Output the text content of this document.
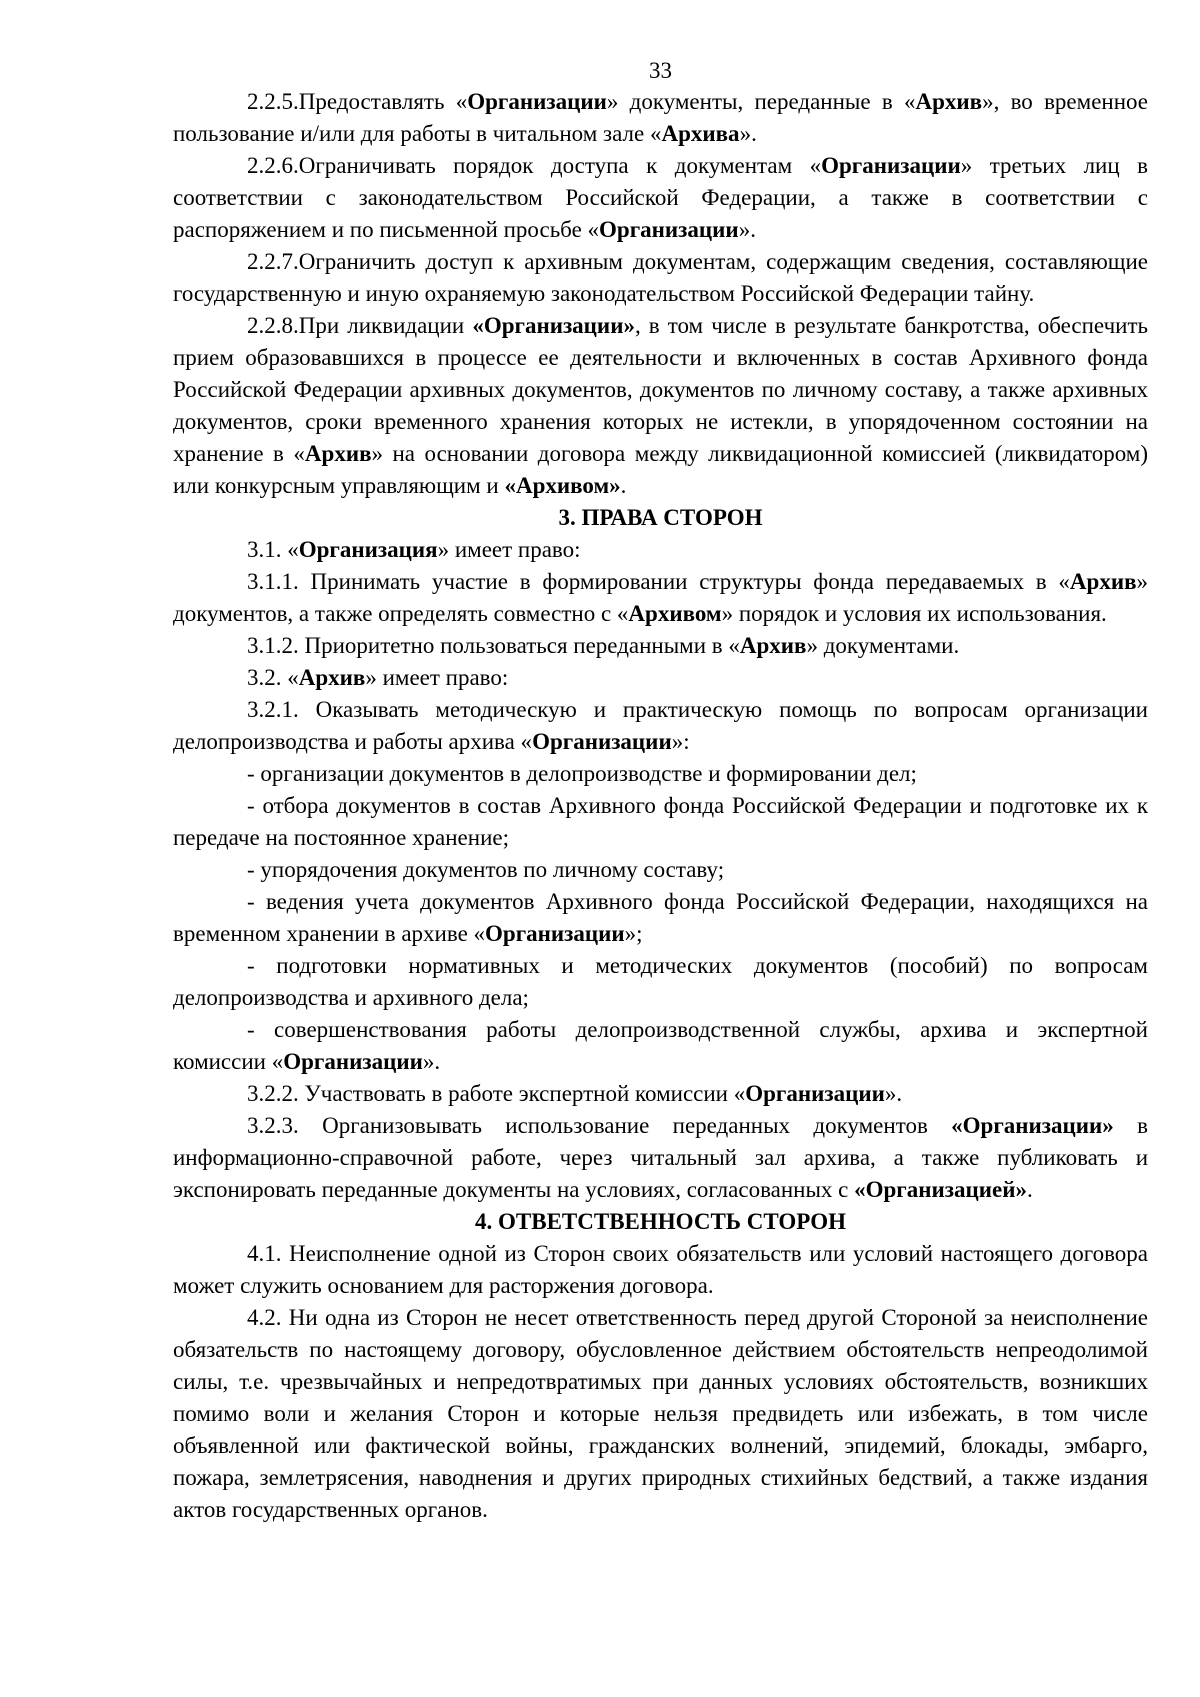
33

2.2.5.Предоставлять «Организации» документы, переданные в «Архив», во временное пользование и/или для работы в читальном зале «Архива».

2.2.6.Ограничивать порядок доступа к документам «Организации» третьих лиц в соответствии с законодательством Российской Федерации, а также в соответствии с распоряжением и по письменной просьбе «Организации».

2.2.7.Ограничить доступ к архивным документам, содержащим сведения, составляющие государственную и иную охраняемую законодательством Российской Федерации тайну.

2.2.8.При ликвидации «Организации», в том числе в результате банкротства, обеспечить прием образовавшихся в процессе ее деятельности и включенных в состав Архивного фонда Российской Федерации архивных документов, документов по личному составу, а также архивных документов, сроки временного хранения которых не истекли, в упорядоченном состоянии на хранение в «Архив» на основании договора между ликвидационной комиссией (ликвидатором) или конкурсным управляющим и «Архивом».

3. ПРАВА СТОРОН

3.1. «Организация» имеет право:

3.1.1. Принимать участие в формировании структуры фонда передаваемых в «Архив» документов, а также определять совместно с «Архивом» порядок и условия их использования.

3.1.2. Приоритетно пользоваться переданными в «Архив» документами.

3.2. «Архив» имеет право:

3.2.1. Оказывать методическую и практическую помощь по вопросам организации делопроизводства и работы архива «Организации»:

- организации документов в делопроизводстве и формировании дел;

- отбора документов в состав Архивного фонда Российской Федерации и подготовке их к передаче на постоянное хранение;

- упорядочения документов по личному составу;

- ведения учета документов Архивного фонда Российской Федерации, находящихся на временном хранении в архиве «Организации»;

- подготовки нормативных и методических документов (пособий) по вопросам делопроизводства и архивного дела;

- совершенствования работы делопроизводственной службы, архива и экспертной комиссии «Организации».

3.2.2. Участвовать в работе экспертной комиссии «Организации».

3.2.3. Организовывать использование переданных документов «Организации» в информационно-справочной работе, через читальный зал архива, а также публиковать и экспонировать переданные документы на условиях, согласованных с «Организацией».

4. ОТВЕТСТВЕННОСТЬ СТОРОН

4.1. Неисполнение одной из Сторон своих обязательств или условий настоящего договора может служить основанием для расторжения договора.

4.2. Ни одна из Сторон не несет ответственность перед другой Стороной за неисполнение обязательств по настоящему договору, обусловленное действием обстоятельств непреодолимой силы, т.е. чрезвычайных и непредотвратимых при данных условиях обстоятельств, возникших помимо воли и желания Сторон и которые нельзя предвидеть или избежать, в том числе объявленной или фактической войны, гражданских волнений, эпидемий, блокады, эмбарго, пожара, землетрясения, наводнения и других природных стихийных бедствий, а также издания актов государственных органов.
